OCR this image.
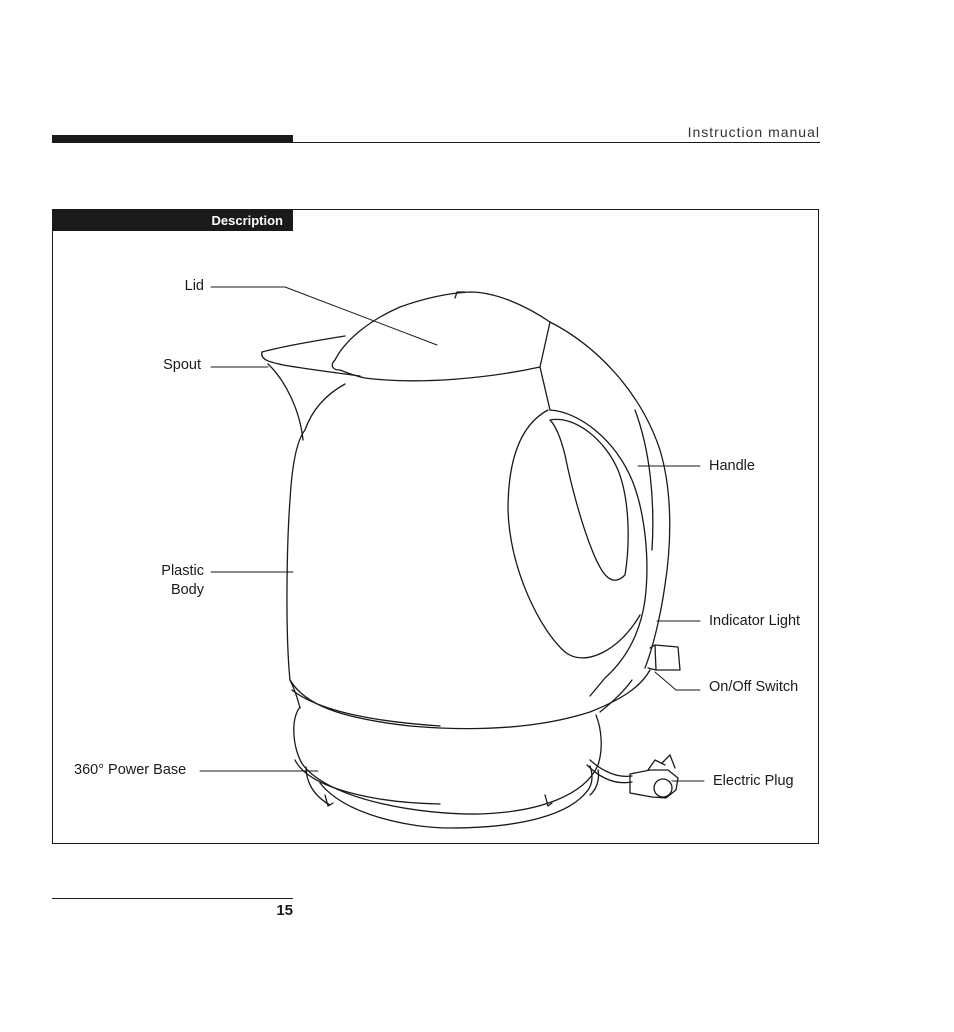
Instruction manual
Description
Lid
Spout
Plastic
Body
360° Power Base
Handle
Indicator Light
On/Off Switch
Electric Plug
15
